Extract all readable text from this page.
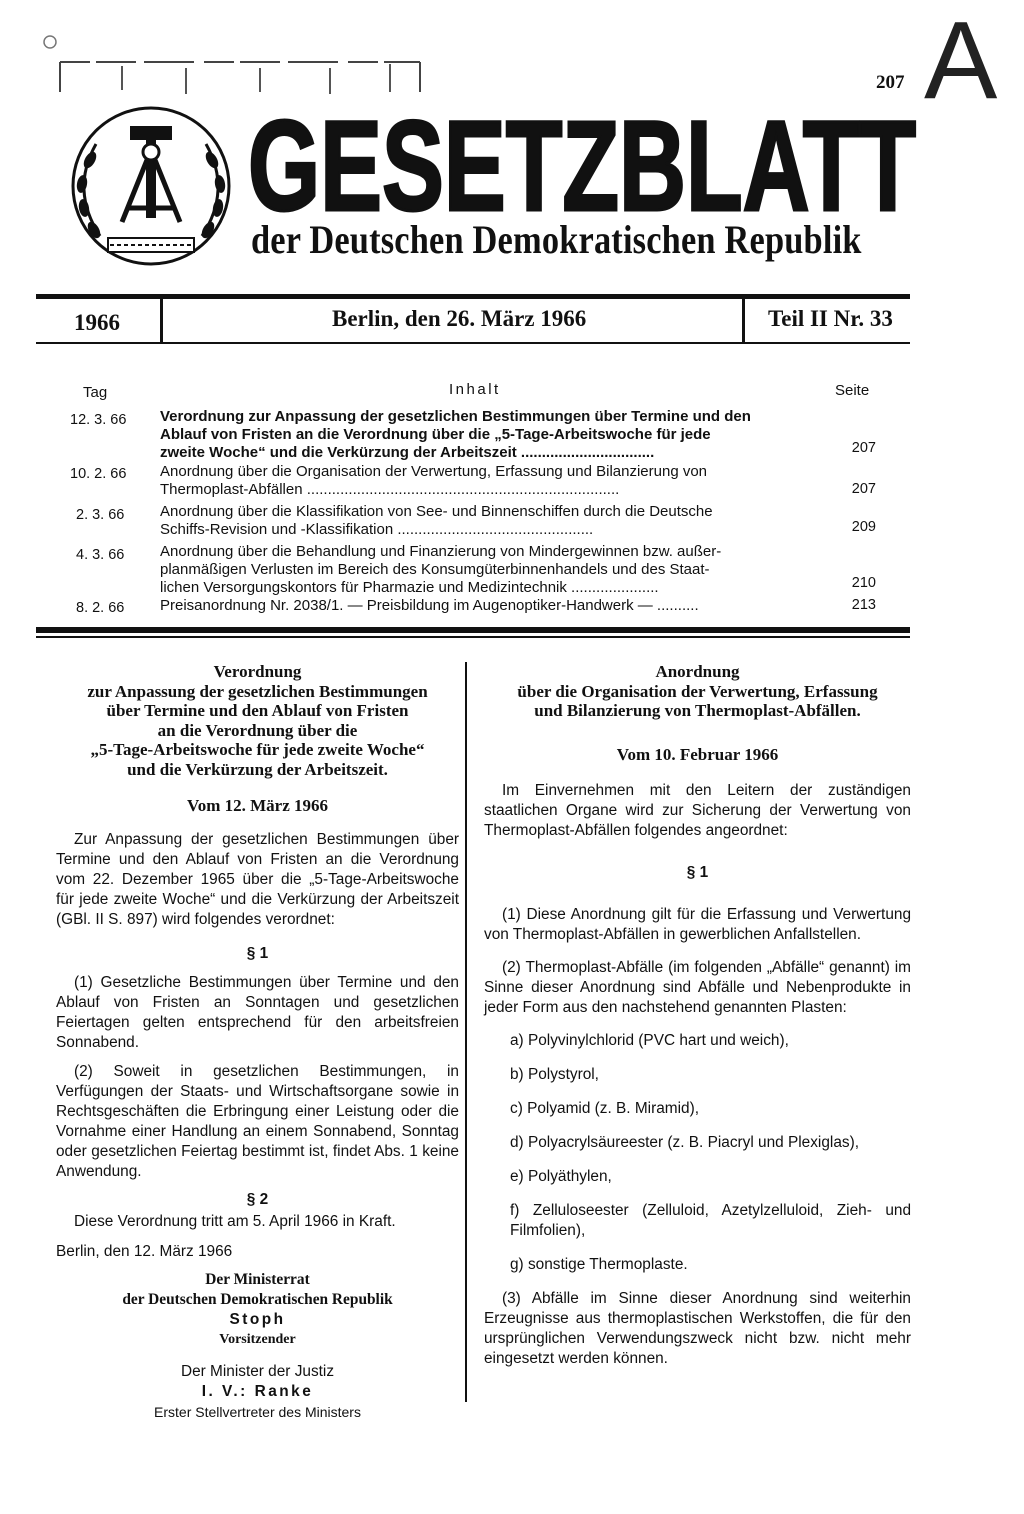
207 A
GESETZBLATT
der Deutschen Demokratischen Republik
1966	Berlin, den 26. März 1966	Teil II Nr. 33
Tag	Inhalt	Seite
12. 3. 66	Verordnung zur Anpassung der gesetzlichen Bestimmungen über Termine und den
Ablauf von Fristen an die Verordnung über die „5-Tage-Arbeitswoche für jede
zweite Woche“ und die Verkürzung der Arbeitszeit ................................	207
10. 2. 66	Anordnung über die Organisation der Verwertung, Erfassung und Bilanzierung von
Thermoplast-Abfällen ...........................................................................	207
2. 3. 66	Anordnung über die Klassifikation von See- und Binnenschiffen durch die Deutsche
Schiffs-Revision und -Klassifikation ...............................................	209
4. 3. 66	Anordnung über die Behandlung und Finanzierung von Mindergewinnen bzw. außer-
planmäßigen Verlusten im Bereich des Konsumgüterbinnenhandels und des Staat-
lichen Versorgungskontors für Pharmazie und Medizintechnik .....................	210
8. 2. 66	Preisanordnung Nr. 2038/1. — Preisbildung im Augenoptiker-Handwerk — ..........	213
Verordnung
zur Anpassung der gesetzlichen Bestimmungen
über Termine und den Ablauf von Fristen
an die Verordnung über die
„5-Tage-Arbeitswoche für jede zweite Woche“
und die Verkürzung der Arbeitszeit.
Vom 12. März 1966

Zur Anpassung der gesetzlichen Bestimmungen über Termine und den Ablauf von Fristen an die Verordnung vom 22. Dezember 1965 über die „5-Tage-Arbeitswoche für jede zweite Woche“ und die Verkürzung der Arbeitszeit (GBl. II S. 897) wird folgendes verordnet:

§ 1

(1) Gesetzliche Bestimmungen über Termine und den Ablauf von Fristen an Sonntagen und gesetzlichen Feiertagen gelten entsprechend für den arbeitsfreien Sonnabend.

(2) Soweit in gesetzlichen Bestimmungen, in Verfügungen der Staats- und Wirtschaftsorgane sowie in Rechtsgeschäften die Erbringung einer Leistung oder die Vornahme einer Handlung an einem Sonnabend, Sonntag oder gesetzlichen Feiertag bestimmt ist, findet Abs. 1 keine Anwendung.

§ 2

Diese Verordnung tritt am 5. April 1966 in Kraft.

Berlin, den 12. März 1966

Der Ministerrat
der Deutschen Demokratischen Republik
Stoph
Vorsitzender
Der Minister der Justiz
I. V.: Ranke
Erster Stellvertreter des Ministers
Anordnung
über die Organisation der Verwertung, Erfassung
und Bilanzierung von Thermoplast-Abfällen.
Vom 10. Februar 1966

Im Einvernehmen mit den Leitern der zuständigen staatlichen Organe wird zur Sicherung der Verwertung von Thermoplast-Abfällen folgendes angeordnet:

§ 1

(1) Diese Anordnung gilt für die Erfassung und Verwertung von Thermoplast-Abfällen in gewerblichen Anfallstellen.

(2) Thermoplast-Abfälle (im folgenden „Abfälle“ genannt) im Sinne dieser Anordnung sind Abfälle und Nebenprodukte in jeder Form aus den nachstehend genannten Plasten:

a) Polyvinylchlorid (PVC hart und weich),

b) Polystyrol,

c) Polyamid (z. B. Miramid),

d) Polyacrylsäureester (z. B. Piacryl und Plexiglas),

e) Polyäthylen,

f) Zelluloseester (Zelluloid, Azetylzelluloid, Zieh- und Filmfolien),

g) sonstige Thermoplaste.

(3) Abfälle im Sinne dieser Anordnung sind weiterhin Erzeugnisse aus thermoplastischen Werkstoffen, die für den ursprünglichen Verwendungszweck nicht bzw. nicht mehr eingesetzt werden können.
